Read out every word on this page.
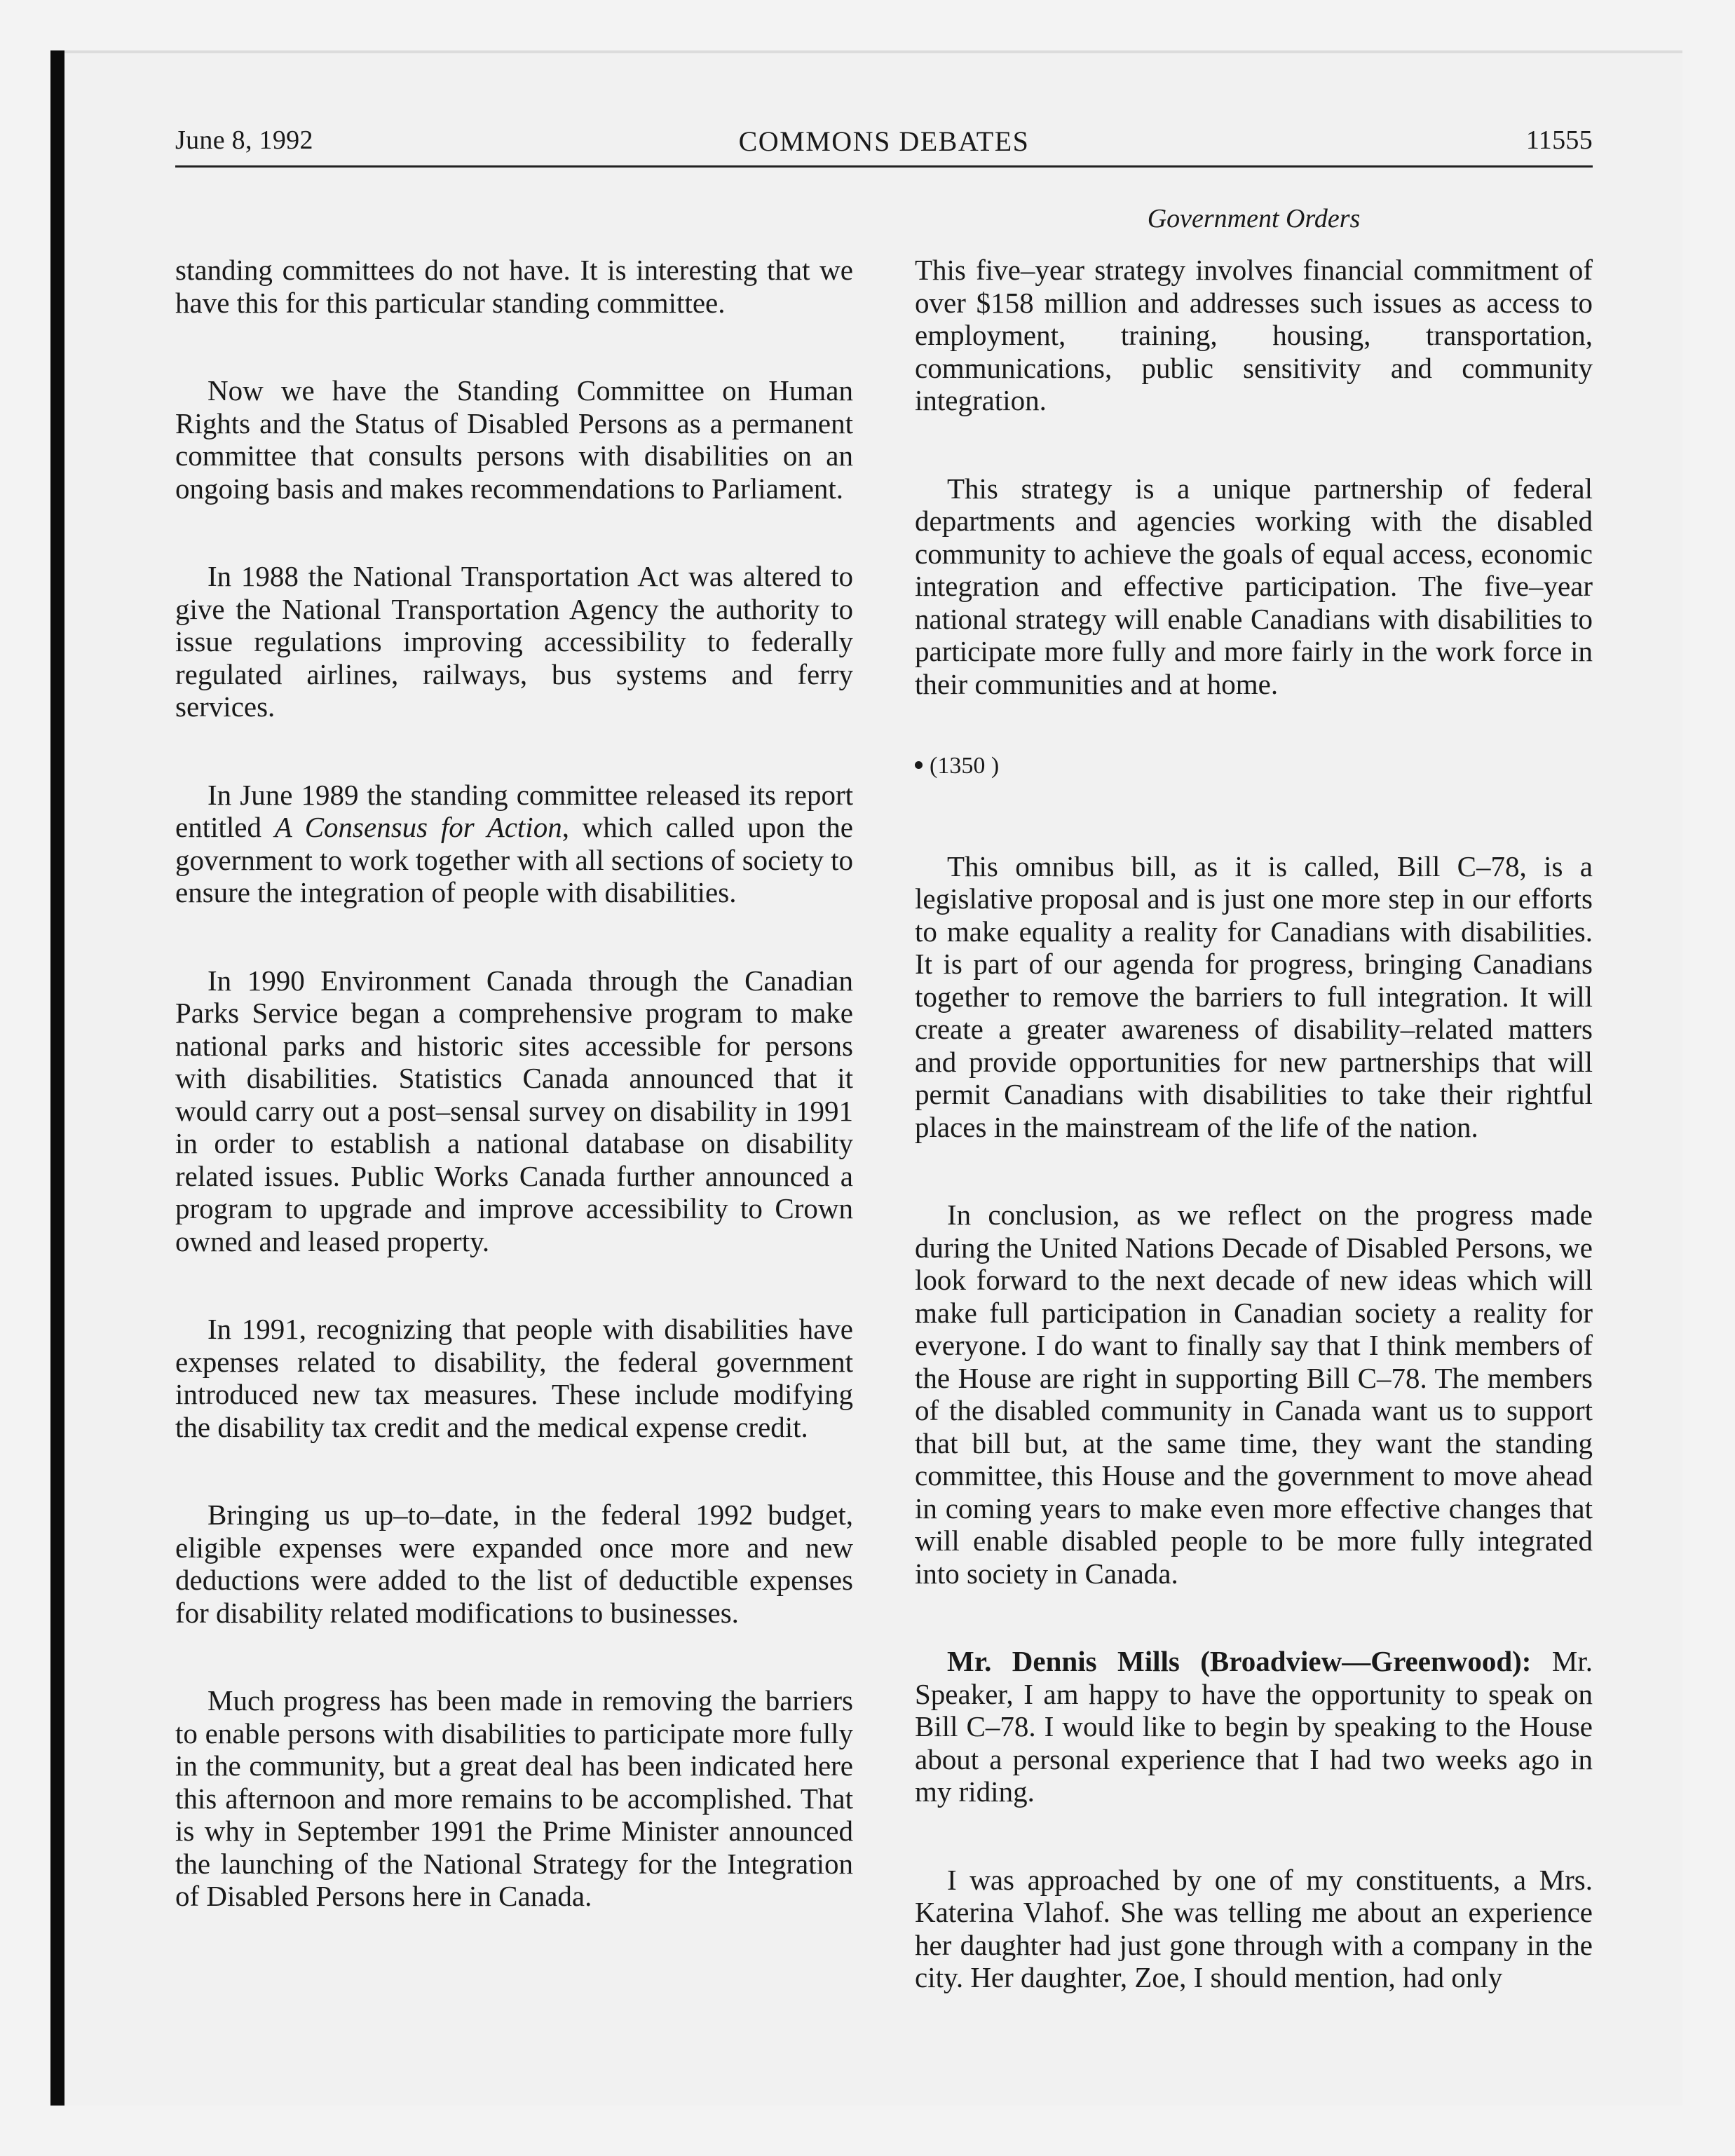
June 8, 1992	COMMONS DEBATES	11555
Government Orders

standing committees do not have. It is interesting that we have this for this particular standing committee.

Now we have the Standing Committee on Human Rights and the Status of Disabled Persons as a permanent committee that consults persons with disabilities on an ongoing basis and makes recommendations to Parliament.

In 1988 the National Transportation Act was altered to give the National Transportation Agency the authority to issue regulations improving accessibility to federally regulated airlines, railways, bus systems and ferry services.

In June 1989 the standing committee released its report entitled A Consensus for Action, which called upon the government to work together with all sections of society to ensure the integration of people with disabilities.

In 1990 Environment Canada through the Canadian Parks Service began a comprehensive program to make national parks and historic sites accessible for persons with disabilities. Statistics Canada announced that it would carry out a post–sensal survey on disability in 1991 in order to establish a national database on disability related issues. Public Works Canada further announced a program to upgrade and improve accessibility to Crown owned and leased property.

In 1991, recognizing that people with disabilities have expenses related to disability, the federal government introduced new tax measures. These include modifying the disability tax credit and the medical expense credit.

Bringing us up–to–date, in the federal 1992 budget, eligible expenses were expanded once more and new deductions were added to the list of deductible expenses for disability related modifications to businesses.

Much progress has been made in removing the barriers to enable persons with disabilities to participate more fully in the community, but a great deal has been indicated here this afternoon and more remains to be accomplished. That is why in September 1991 the Prime Minister announced the launching of the National Strategy for the Integration of Disabled Persons here in Canada.

This five–year strategy involves financial commitment of over $158 million and addresses such issues as access to employment, training, housing, transportation, communications, public sensitivity and community integration.

This strategy is a unique partnership of federal departments and agencies working with the disabled community to achieve the goals of equal access, economic integration and effective participation. The five–year national strategy will enable Canadians with disabilities to participate more fully and more fairly in the work force in their communities and at home.

(1350 )

This omnibus bill, as it is called, Bill C–78, is a legislative proposal and is just one more step in our efforts to make equality a reality for Canadians with disabilities. It is part of our agenda for progress, bringing Canadians together to remove the barriers to full integration. It will create a greater awareness of disability–related matters and provide opportunities for new partnerships that will permit Canadians with disabilities to take their rightful places in the mainstream of the life of the nation.

In conclusion, as we reflect on the progress made during the United Nations Decade of Disabled Persons, we look forward to the next decade of new ideas which will make full participation in Canadian society a reality for everyone. I do want to finally say that I think members of the House are right in supporting Bill C–78. The members of the disabled community in Canada want us to support that bill but, at the same time, they want the standing committee, this House and the government to move ahead in coming years to make even more effective changes that will enable disabled people to be more fully integrated into society in Canada.

Mr. Dennis Mills (Broadview—Greenwood): Mr. Speaker, I am happy to have the opportunity to speak on Bill C–78. I would like to begin by speaking to the House about a personal experience that I had two weeks ago in my riding.

I was approached by one of my constituents, a Mrs. Katerina Vlahof. She was telling me about an experience her daughter had just gone through with a company in the city. Her daughter, Zoe, I should mention, had only
